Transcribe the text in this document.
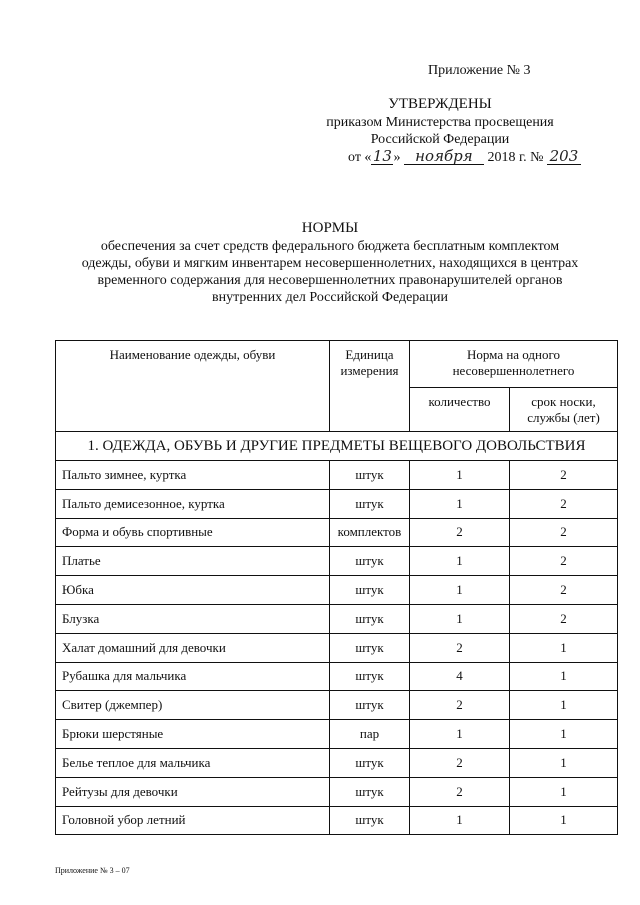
Приложение № 3
УТВЕРЖДЕНЫ
приказом Министерства просвещения
Российской Федерации
от «13» ноября 2018 г. № 203
НОРМЫ
обеспечения за счет средств федерального бюджета бесплатным комплектом
одежды, обуви и мягким инвентарем несовершеннолетних, находящихся в центрах
временного содержания для несовершеннолетних правонарушителей органов
внутренних дел Российской Федерации
Наименование одежды, обуви	Единица измерения	Норма на одного несовершеннолетнего	
		количество	срок носки, службы (лет)
1. ОДЕЖДА, ОБУВЬ И ДРУГИЕ ПРЕДМЕТЫ ВЕЩЕВОГО ДОВОЛЬСТВИЯ			
Пальто зимнее, куртка	штук	1	2
Пальто демисезонное, куртка	штук	1	2
Форма и обувь спортивные	комплектов	2	2
Платье	штук	1	2
Юбка	штук	1	2
Блузка	штук	1	2
Халат домашний для девочки	штук	2	1
Рубашка для мальчика	штук	4	1
Свитер (джемпер)	штук	2	1
Брюки шерстяные	пар	1	1
Белье теплое для мальчика	штук	2	1
Рейтузы для девочки	штук	2	1
Головной убор летний	штук	1	1
Приложение № 3 – 07
